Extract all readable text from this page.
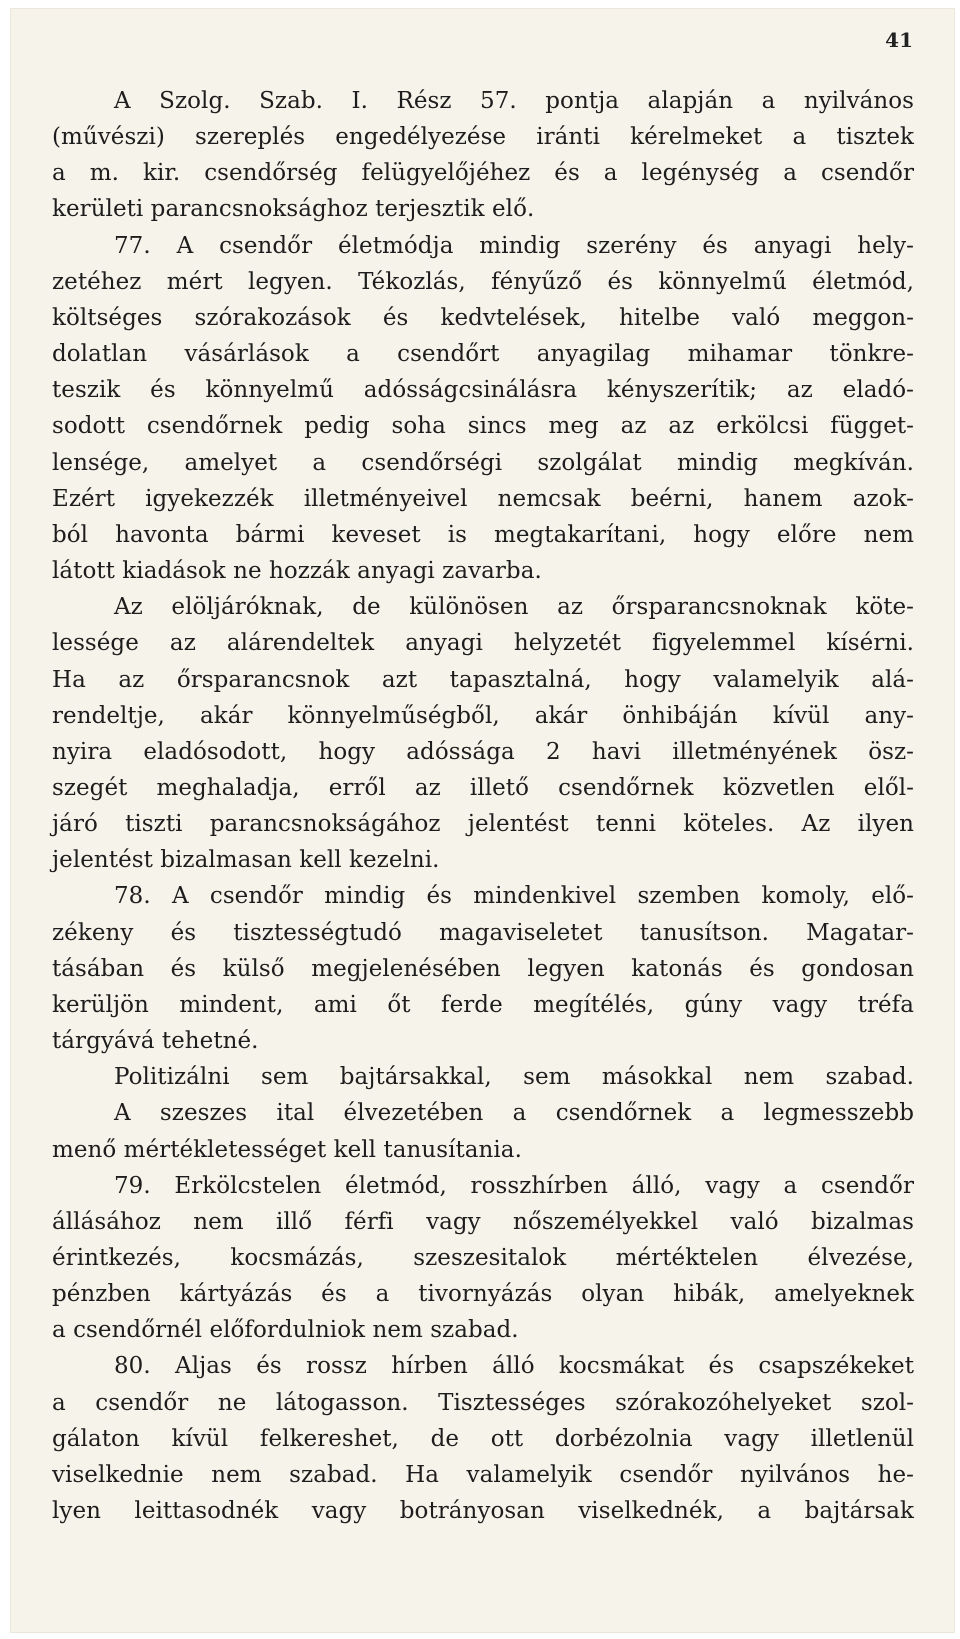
41

A Szolg. Szab. I. Rész 57. pontja alapján a nyilvános
(művészi) szereplés engedélyezése iránti kérelmeket a tisztek
a m. kir. csendőrség felügyelőjéhez és a legénység a csendőr
kerületi parancsnoksághoz terjesztik elő.

77. A csendőr életmódja mindig szerény és anyagi hely-
zetéhez mért legyen. Tékozlás, fényűző és könnyelmű életmód,
költséges szórakozások és kedvtelések, hitelbe való meggon-
dolatlan vásárlások a csendőrt anyagilag mihamar tönkre-
teszik és könnyelmű adósságcsinálásra kényszerítik; az eladó-
sodott csendőrnek pedig soha sincs meg az az erkölcsi függet-
lensége, amelyet a csendőrségi szolgálat mindig megkíván.
Ezért igyekezzék illetményeivel nemcsak beérni, hanem azok-
ból havonta bármi keveset is megtakarítani, hogy előre nem
látott kiadások ne hozzák anyagi zavarba.

Az elöljáróknak, de különösen az őrsparancsnoknak köte-
lessége az alárendeltek anyagi helyzetét figyelemmel kísérni.
Ha az őrsparancsnok azt tapasztalná, hogy valamelyik alá-
rendeltje, akár könnyelműségből, akár önhibáján kívül any-
nyira eladósodott, hogy adóssága 2 havi illetményének ösz-
szegét meghaladja, erről az illető csendőrnek közvetlen elől-
járó tiszti parancsnokságához jelentést tenni köteles. Az ilyen
jelentést bizalmasan kell kezelni.

78. A csendőr mindig és mindenkivel szemben komoly, elő-
zékeny és tisztességtudó magaviseletet tanusítson. Magatar-
tásában és külső megjelenésében legyen katonás és gondosan
kerüljön mindent, ami őt ferde megítélés, gúny vagy tréfa
tárgyává tehetné.

Politizálni sem bajtársakkal, sem másokkal nem szabad.

A szeszes ital élvezetében a csendőrnek a legmesszebb
menő mértékletességet kell tanusítania.

79. Erkölcstelen életmód, rosszhírben álló, vagy a csendőr
állásához nem illő férfi vagy nőszemélyekkel való bizalmas
érintkezés, kocsmázás, szeszesitalok mértéktelen élvezése,
pénzben kártyázás és a tivornyázás olyan hibák, amelyeknek
a csendőrnél előfordulniok nem szabad.

80. Aljas és rossz hírben álló kocsmákat és csapszékeket
a csendőr ne látogasson. Tisztességes szórakozóhelyeket szol-
gálaton kívül felkereshet, de ott dorbézolnia vagy illetlenül
viselkednie nem szabad. Ha valamelyik csendőr nyilvános he-
lyen leittasodnék vagy botrányosan viselkednék, a bajtársak
